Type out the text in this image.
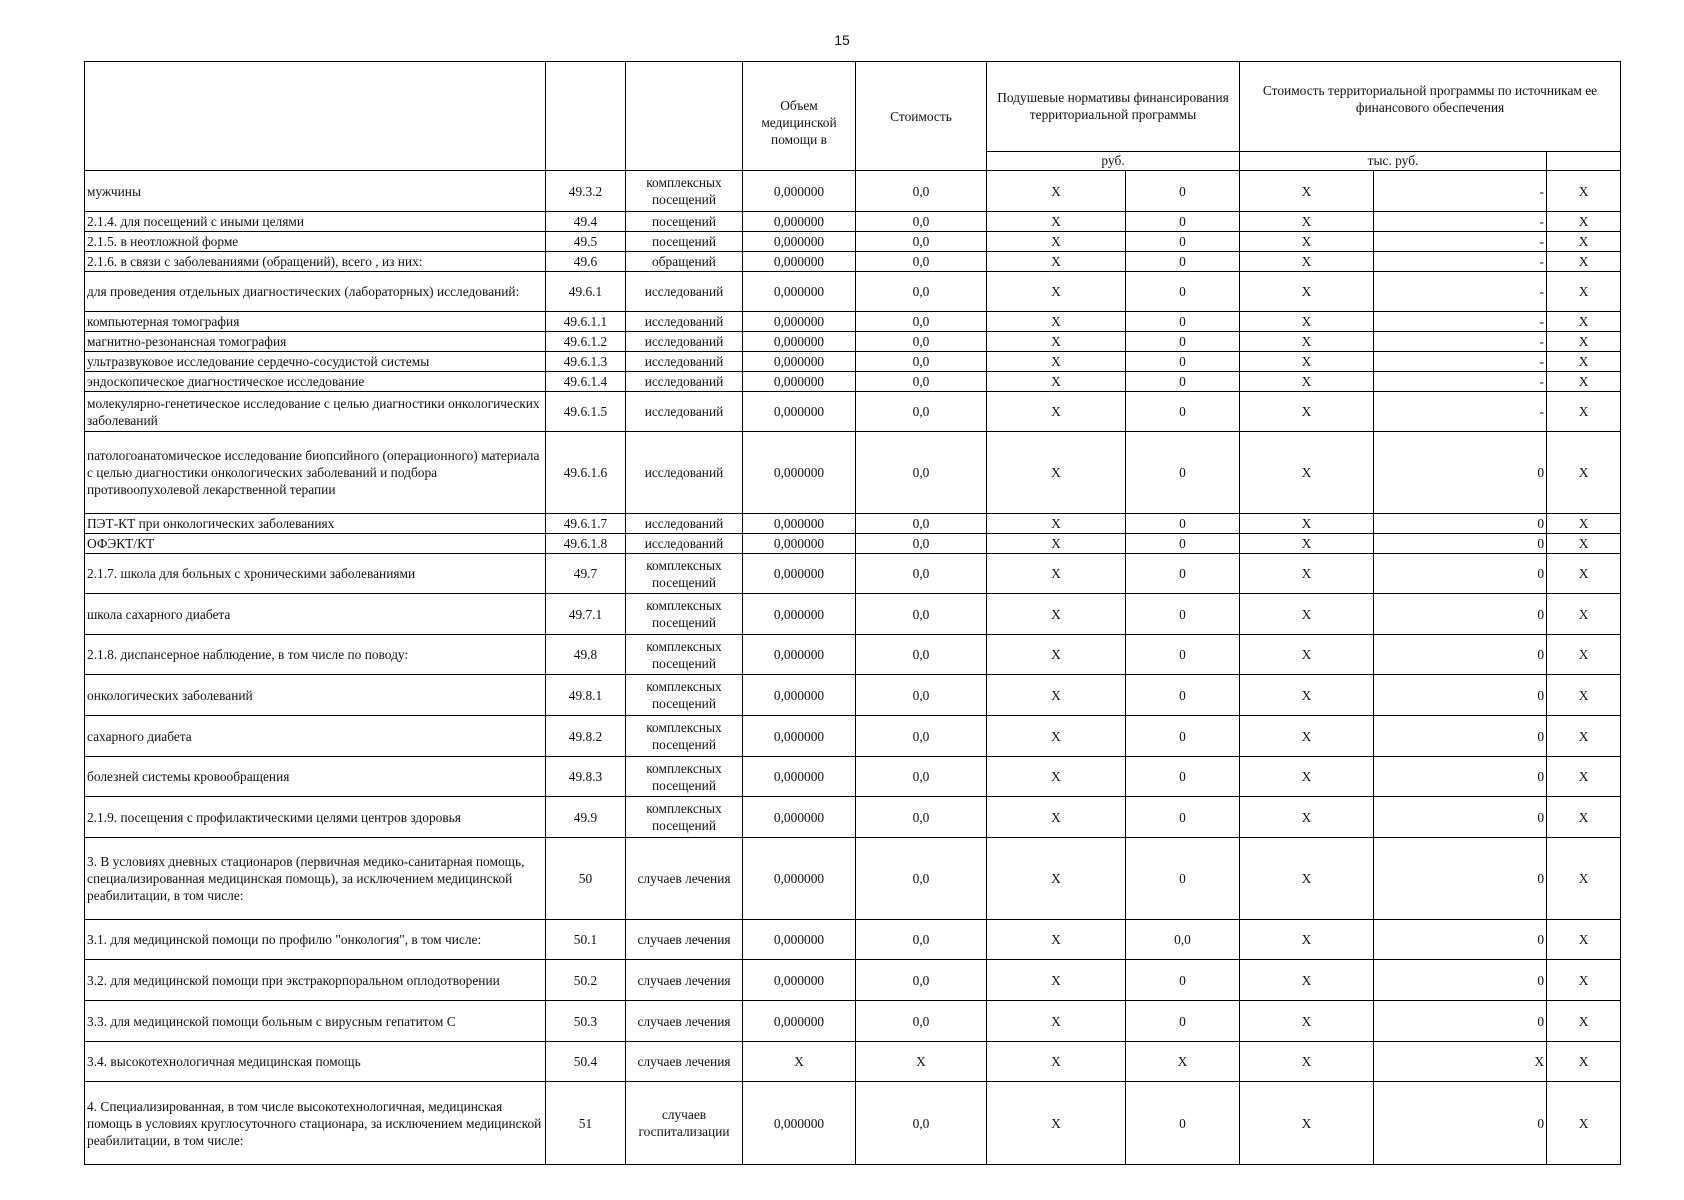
15

			Объем медицинской помощи в	Стоимость	Подушевые нормативы финансирования территориальной программы		Стоимость территориальной программы по источникам ее финансового обеспечения		
					руб.		тыс. руб.		
мужчины	49.3.2	комплексных посещений	0,000000	0,0	X	0	X	-	X
2.1.4. для посещений с иными целями	49.4	посещений	0,000000	0,0	X	0	X	-	X
2.1.5. в неотложной форме	49.5	посещений	0,000000	0,0	X	0	X	-	X
2.1.6. в связи с заболеваниями (обращений), всего , из них:	49.6	обращений	0,000000	0,0	X	0	X	-	X
для проведения отдельных диагностических (лабораторных) исследований:	49.6.1	исследований	0,000000	0,0	X	0	X	-	X
компьютерная томография	49.6.1.1	исследований	0,000000	0,0	X	0	X	-	X
магнитно-резонансная томография	49.6.1.2	исследований	0,000000	0,0	X	0	X	-	X
ультразвуковое исследование сердечно-сосудистой системы	49.6.1.3	исследований	0,000000	0,0	X	0	X	-	X
эндоскопическое диагностическое исследование	49.6.1.4	исследований	0,000000	0,0	X	0	X	-	X
молекулярно-генетическое исследование с целью диагностики онкологических заболеваний	49.6.1.5	исследований	0,000000	0,0	X	0	X	-	X
патологоанатомическое исследование биопсийного (операционного) материала с целью диагностики онкологических заболеваний и подбора противоопухолевой лекарственной терапии	49.6.1.6	исследований	0,000000	0,0	X	0	X	0	X
ПЭТ-КТ при онкологических заболеваниях	49.6.1.7	исследований	0,000000	0,0	X	0	X	0	X
ОФЭКТ/КТ	49.6.1.8	исследований	0,000000	0,0	X	0	X	0	X
2.1.7. школа для больных с хроническими заболеваниями	49.7	комплексных посещений	0,000000	0,0	X	0	X	0	X
школа сахарного диабета	49.7.1	комплексных посещений	0,000000	0,0	X	0	X	0	X
2.1.8. диспансерное наблюдение, в том числе по поводу:	49.8	комплексных посещений	0,000000	0,0	X	0	X	0	X
онкологических заболеваний	49.8.1	комплексных посещений	0,000000	0,0	X	0	X	0	X
сахарного диабета	49.8.2	комплексных посещений	0,000000	0,0	X	0	X	0	X
болезней системы кровообращения	49.8.3	комплексных посещений	0,000000	0,0	X	0	X	0	X
2.1.9. посещения с профилактическими целями центров здоровья	49.9	комплексных посещений	0,000000	0,0	X	0	X	0	X
3. В условиях дневных стационаров (первичная медико-санитарная помощь, специализированная медицинская помощь), за исключением медицинской реабилитации, в том числе:	50	случаев лечения	0,000000	0,0	X	0	X	0	X
3.1. для медицинской помощи по профилю "онкология", в том числе:	50.1	случаев лечения	0,000000	0,0	X	0,0	X	0	X
3.2. для медицинской помощи при экстракорпоральном оплодотворении	50.2	случаев лечения	0,000000	0,0	X	0	X	0	X
3.3. для медицинской помощи больным с вирусным гепатитом С	50.3	случаев лечения	0,000000	0,0	X	0	X	0	X
3.4. высокотехнологичная медицинская помощь	50.4	случаев лечения	X	X	X	X	X	X	X
4. Специализированная, в том числе высокотехнологичная, медицинская помощь в условиях круглосуточного стационара, за исключением медицинской реабилитации, в том числе:	51	случаев госпитализации	0,000000	0,0	X	0	X	0	X
